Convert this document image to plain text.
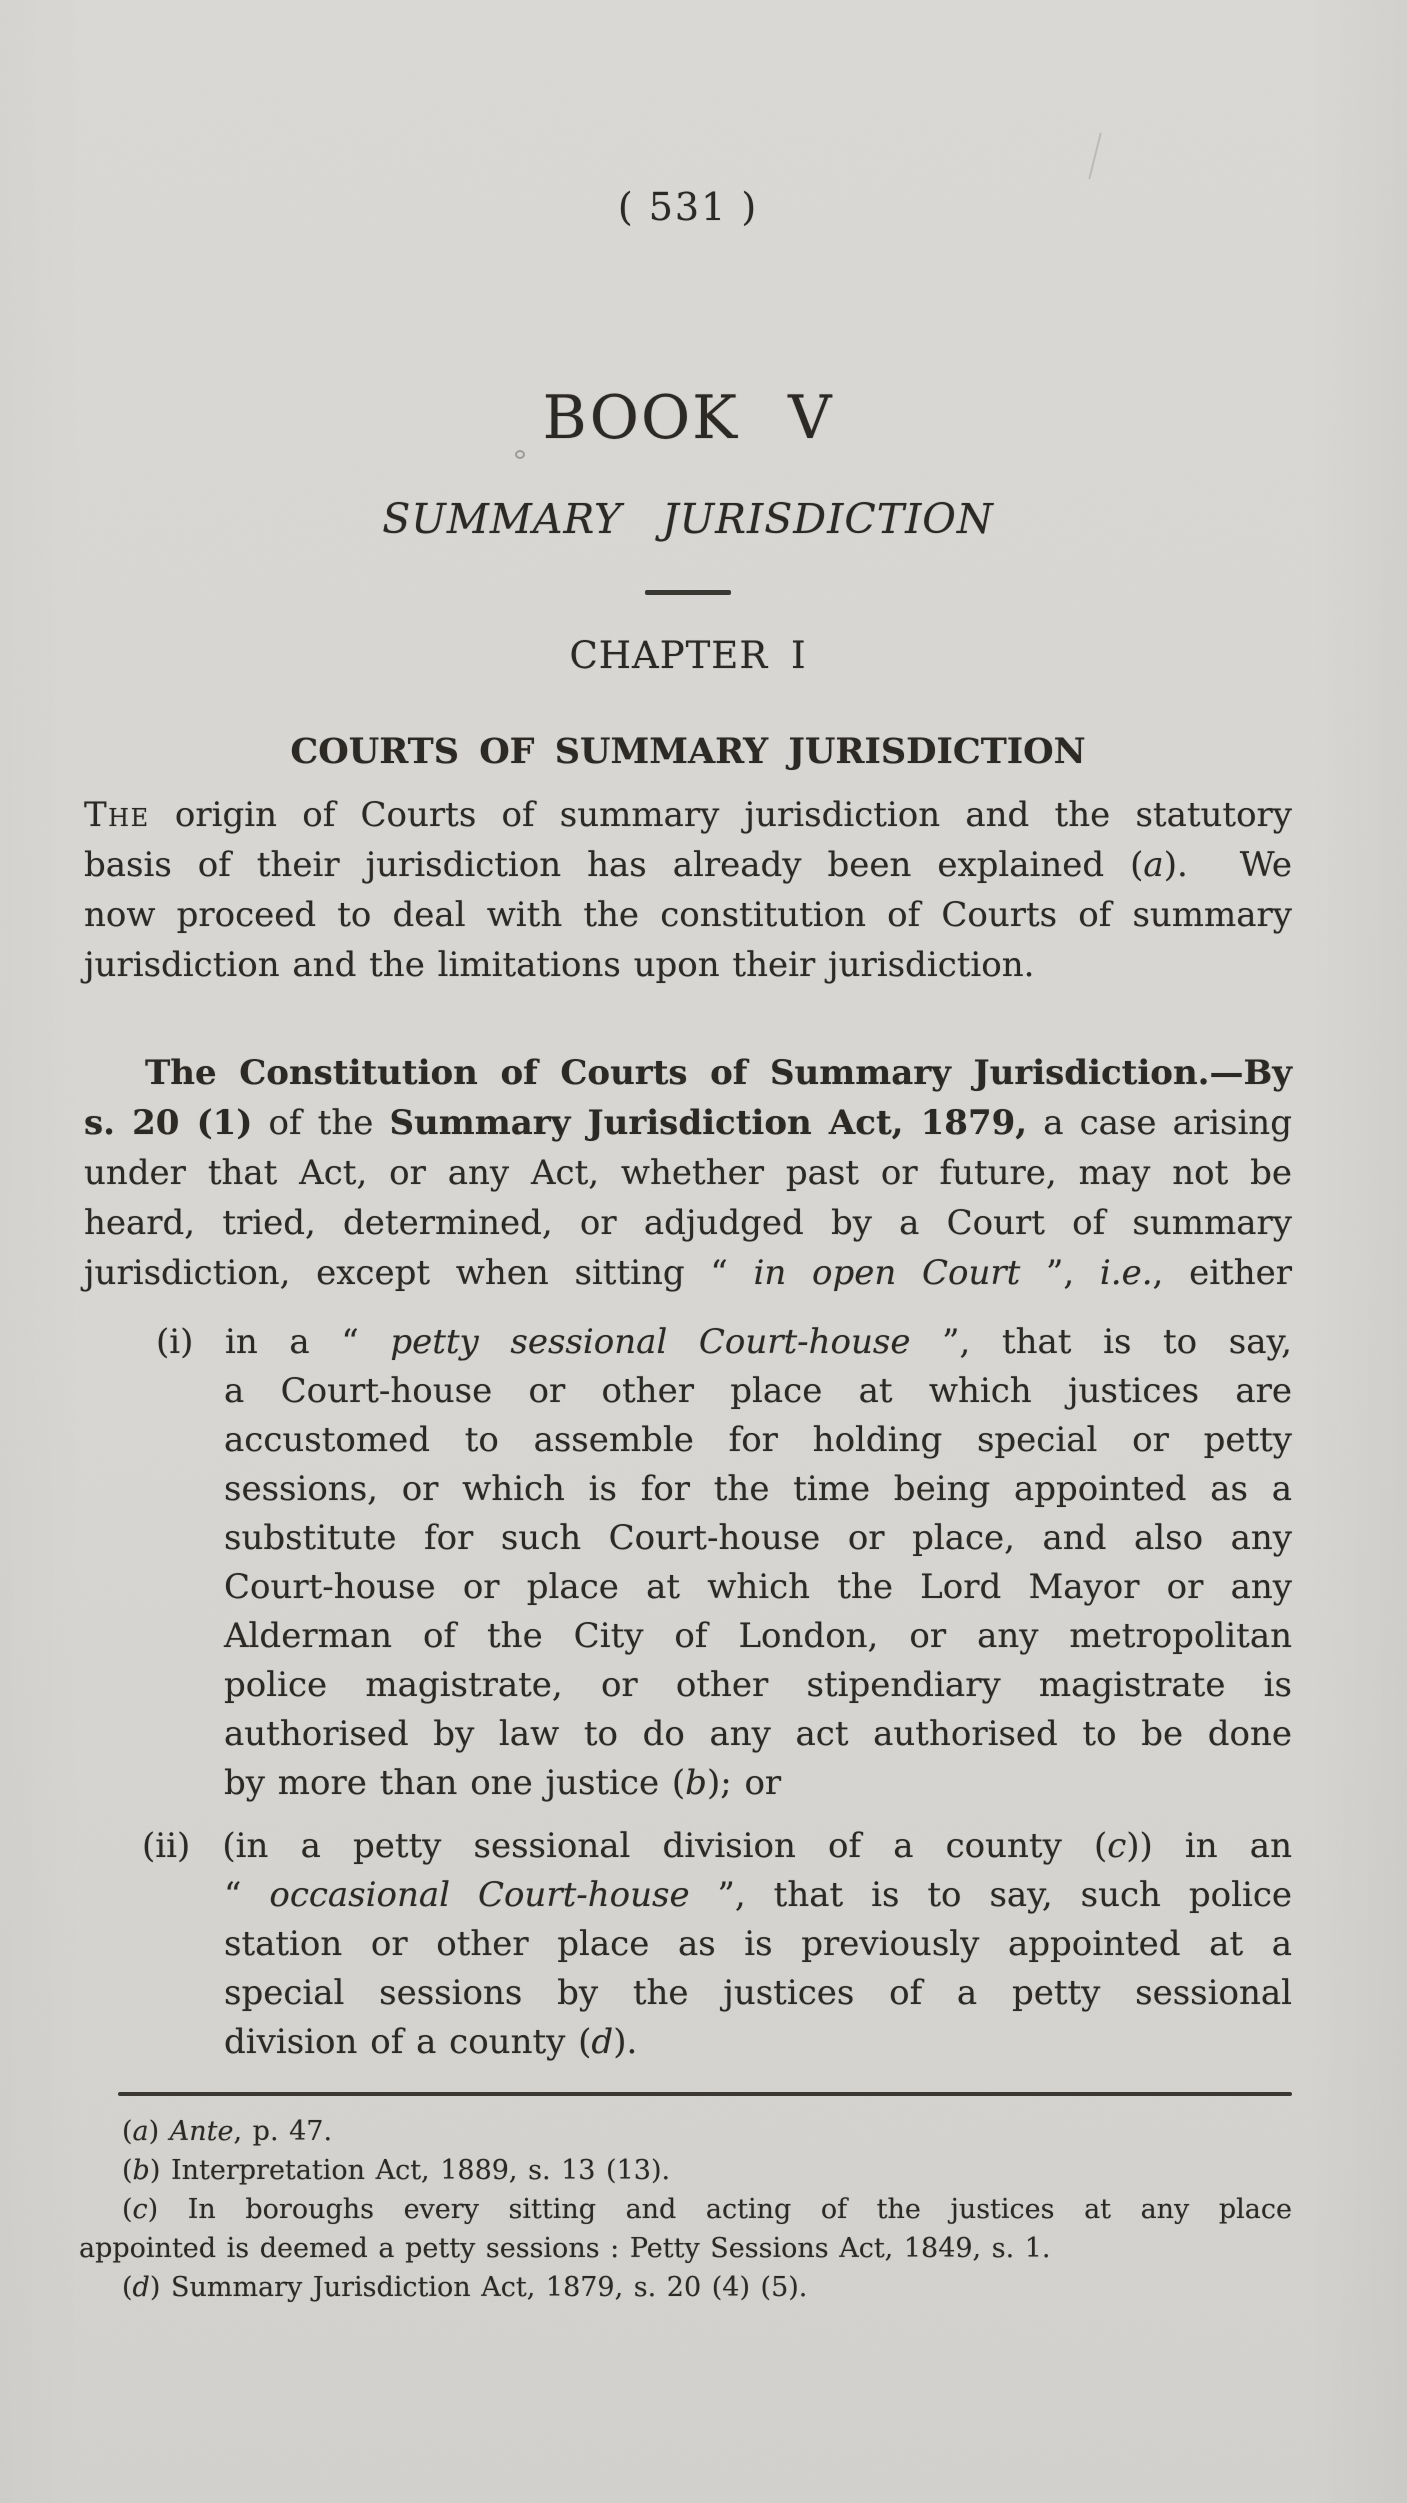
( 531 )
BOOK V
SUMMARY JURISDICTION
CHAPTER I
COURTS OF SUMMARY JURISDICTION
The origin of Courts of summary jurisdiction and the statutory
basis of their jurisdiction has already been explained (a).  We
now proceed to deal with the constitution of Courts of summary
jurisdiction and the limitations upon their jurisdiction.
The Constitution of Courts of Summary Jurisdiction.—By
s. 20 (1) of the Summary Jurisdiction Act, 1879, a case arising
under that Act, or any Act, whether past or future, may not be
heard, tried, determined, or adjudged by a Court of summary
jurisdiction, except when sitting “ in open Court ”, i.e., either
(i) in a “ petty sessional Court-house ”, that is to say,
a Court-house or other place at which justices are
accustomed to assemble for holding special or petty
sessions, or which is for the time being appointed as a
substitute for such Court-house or place, and also any
Court-house or place at which the Lord Mayor or any
Alderman of the City of London, or any metropolitan
police magistrate, or other stipendiary magistrate is
authorised by law to do any act authorised to be done
by more than one justice (b); or
(ii) (in a petty sessional division of a county (c)) in an
“ occasional Court-house ”, that is to say, such police
station or other place as is previously appointed at a
special sessions by the justices of a petty sessional
division of a county (d).
(a) Ante, p. 47.
(b) Interpretation Act, 1889, s. 13 (13).
(c) In boroughs every sitting and acting of the justices at any place
appointed is deemed a petty sessions : Petty Sessions Act, 1849, s. 1.
(d) Summary Jurisdiction Act, 1879, s. 20 (4) (5).
